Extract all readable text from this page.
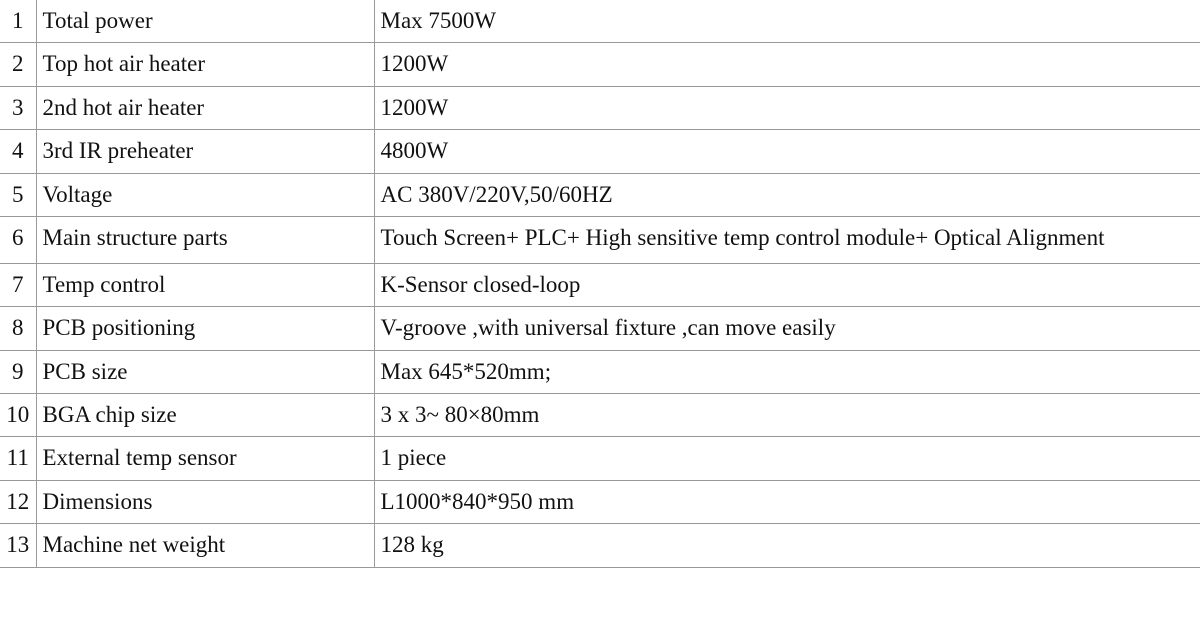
1	Total power	Max 7500W
2	Top hot air heater	1200W
3	2nd hot air heater	1200W
4	3rd IR preheater	4800W
5	Voltage	AC 380V/220V,50/60HZ
6	Main structure parts	Touch Screen+ PLC+ High sensitive temp control module+ Optical Alignment
7	Temp control	K-Sensor closed-loop
8	PCB positioning	V-groove ,with universal fixture ,can move easily
9	PCB size	Max 645*520mm;
10	BGA chip size	3 x 3~ 80×80mm
11	External temp sensor	1 piece
12	Dimensions	L1000*840*950 mm
13	Machine net weight	128 kg
